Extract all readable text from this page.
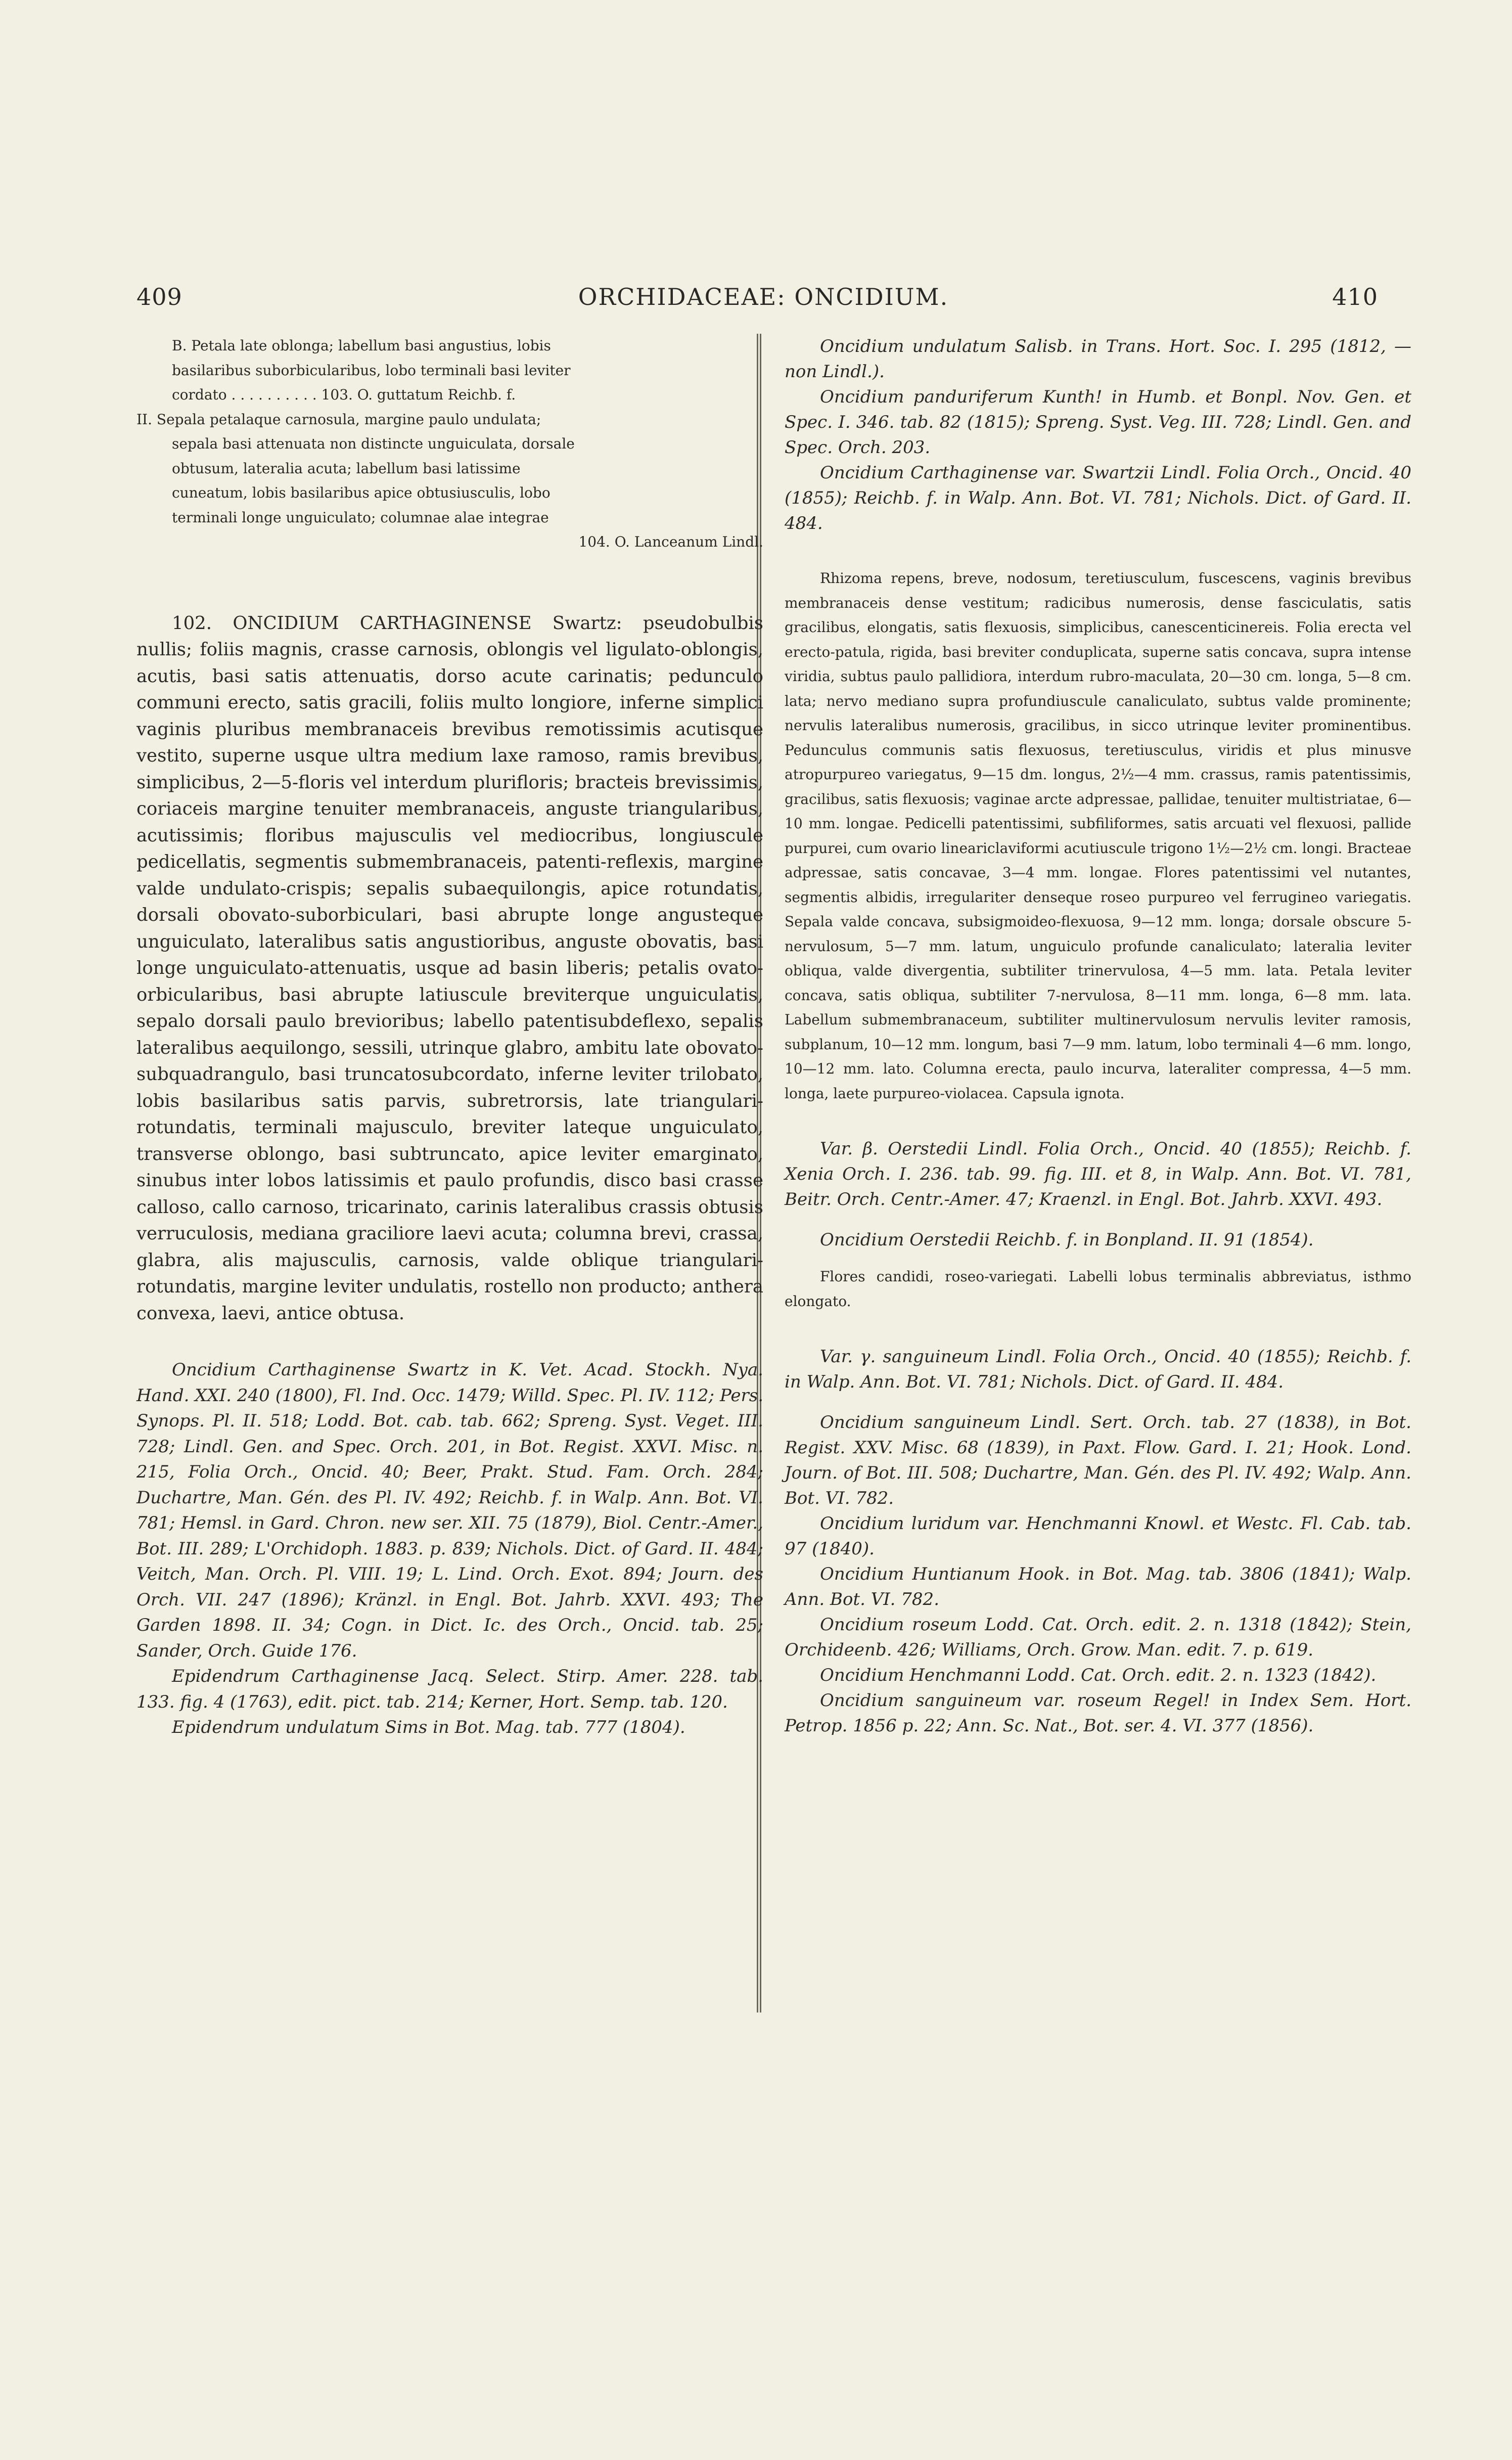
409	ORCHIDACEAE: ONCIDIUM.	410

B. Petala late oblonga; labellum basi angustius, lobis

basilaribus suborbicularibus, lobo terminali basi leviter

cordato . . . . . . . . . . 103. O. guttatum Reichb. f.

II. Sepala petalaque carnosula, margine paulo undulata;

sepala basi attenuata non distincte unguiculata, dorsale

obtusum, lateralia acuta; labellum basi latissime

cuneatum, lobis basilaribus apice obtusiusculis, lobo

terminali longe unguiculato; columnae alae integrae

104. O. Lanceanum Lindl.

102. ONCIDIUM CARTHAGINENSE Swartz: pseudobulbis nullis; foliis magnis, crasse carnosis, oblongis vel ligulato-oblongis, acutis, basi satis attenuatis, dorso acute carinatis; pedunculo communi erecto, satis gracili, foliis multo longiore, inferne simplici vaginis pluribus membranaceis brevibus remotissimis acutisque vestito, superne usque ultra medium laxe ramoso, ramis brevibus, simplicibus, 2—5-floris vel interdum plurifloris; bracteis brevissimis, coriaceis margine tenuiter membranaceis, anguste triangularibus, acutissimis; floribus majusculis vel mediocribus, longiuscule pedicellatis, segmentis submembranaceis, patenti-reflexis, margine valde undulato-crispis; sepalis subaequilongis, apice rotundatis, dorsali obovato-suborbiculari, basi abrupte longe angusteque unguiculato, lateralibus satis angustioribus, anguste obovatis, basi longe unguiculato-attenuatis, usque ad basin liberis; petalis ovato-orbicularibus, basi abrupte latiuscule breviterque unguiculatis, sepalo dorsali paulo brevioribus; labello patentisubdeflexo, sepalis lateralibus aequilongo, sessili, utrinque glabro, ambitu late obovato-subquadrangulo, basi truncatosubcordato, inferne leviter trilobato, lobis basilaribus satis parvis, subretrorsis, late triangulari-rotundatis, terminali majusculo, breviter lateque unguiculato, transverse oblongo, basi subtruncato, apice leviter emarginato, sinubus inter lobos latissimis et paulo profundis, disco basi crasse calloso, callo carnoso, tricarinato, carinis lateralibus crassis obtusis verruculosis, mediana graciliore laevi acuta; columna brevi, crassa, glabra, alis majusculis, carnosis, valde oblique triangulari-rotundatis, margine leviter undulatis, rostello non producto; anthera convexa, laevi, antice obtusa.

Oncidium Carthaginense Swartz in K. Vet. Acad. Stockh. Nya. Hand. XXI. 240 (1800), Fl. Ind. Occ. 1479; Willd. Spec. Pl. IV. 112; Pers. Synops. Pl. II. 518; Lodd. Bot. cab. tab. 662; Spreng. Syst. Veget. III. 728; Lindl. Gen. and Spec. Orch. 201, in Bot. Regist. XXVI. Misc. n. 215, Folia Orch., Oncid. 40; Beer, Prakt. Stud. Fam. Orch. 284; Duchartre, Man. Gén. des Pl. IV. 492; Reichb. f. in Walp. Ann. Bot. VI. 781; Hemsl. in Gard. Chron. new ser. XII. 75 (1879), Biol. Centr.-Amer., Bot. III. 289; L'Orchidoph. 1883. p. 839; Nichols. Dict. of Gard. II. 484; Veitch, Man. Orch. Pl. VIII. 19; L. Lind. Orch. Exot. 894; Journ. des Orch. VII. 247 (1896); Kränzl. in Engl. Bot. Jahrb. XXVI. 493; The Garden 1898. II. 34; Cogn. in Dict. Ic. des Orch., Oncid. tab. 25; Sander, Orch. Guide 176.

Epidendrum Carthaginense Jacq. Select. Stirp. Amer. 228. tab. 133. fig. 4 (1763), edit. pict. tab. 214; Kerner, Hort. Semp. tab. 120.

Epidendrum undulatum Sims in Bot. Mag. tab. 777 (1804).

Oncidium undulatum Salisb. in Trans. Hort. Soc. I. 295 (1812, — non Lindl.).

Oncidium panduriferum Kunth! in Humb. et Bonpl. Nov. Gen. et Spec. I. 346. tab. 82 (1815); Spreng. Syst. Veg. III. 728; Lindl. Gen. and Spec. Orch. 203.

Oncidium Carthaginense var. Swartzii Lindl. Folia Orch., Oncid. 40 (1855); Reichb. f. in Walp. Ann. Bot. VI. 781; Nichols. Dict. of Gard. II. 484.

Rhizoma repens, breve, nodosum, teretiusculum, fuscescens, vaginis brevibus membranaceis dense vestitum; radicibus numerosis, dense fasciculatis, satis gracilibus, elongatis, satis flexuosis, simplicibus, canescenticinereis. Folia erecta vel erecto-patula, rigida, basi breviter conduplicata, superne satis concava, supra intense viridia, subtus paulo pallidiora, interdum rubro-maculata, 20—30 cm. longa, 5—8 cm. lata; nervo mediano supra profundiuscule canaliculato, subtus valde prominente; nervulis lateralibus numerosis, gracilibus, in sicco utrinque leviter prominentibus. Pedunculus communis satis flexuosus, teretiusculus, viridis et plus minusve atropurpureo variegatus, 9—15 dm. longus, 2½—4 mm. crassus, ramis patentissimis, gracilibus, satis flexuosis; vaginae arcte adpressae, pallidae, tenuiter multistriatae, 6—10 mm. longae. Pedicelli patentissimi, subfiliformes, satis arcuati vel flexuosi, pallide purpurei, cum ovario lineariclaviformi acutiuscule trigono 1½—2½ cm. longi. Bracteae adpressae, satis concavae, 3—4 mm. longae. Flores patentissimi vel nutantes, segmentis albidis, irregulariter denseque roseo purpureo vel ferrugineo variegatis. Sepala valde concava, subsigmoideo-flexuosa, 9—12 mm. longa; dorsale obscure 5-nervulosum, 5—7 mm. latum, unguiculo profunde canaliculato; lateralia leviter obliqua, valde divergentia, subtiliter trinervulosa, 4—5 mm. lata. Petala leviter concava, satis obliqua, subtiliter 7-nervulosa, 8—11 mm. longa, 6—8 mm. lata. Labellum submembranaceum, subtiliter multinervulosum nervulis leviter ramosis, subplanum, 10—12 mm. longum, basi 7—9 mm. latum, lobo terminali 4—6 mm. longo, 10—12 mm. lato. Columna erecta, paulo incurva, lateraliter compressa, 4—5 mm. longa, laete purpureo-violacea. Capsula ignota.

Var. β. Oerstedii Lindl. Folia Orch., Oncid. 40 (1855); Reichb. f. Xenia Orch. I. 236. tab. 99. fig. III. et 8, in Walp. Ann. Bot. VI. 781, Beitr. Orch. Centr.-Amer. 47; Kraenzl. in Engl. Bot. Jahrb. XXVI. 493.

Oncidium Oerstedii Reichb. f. in Bonpland. II. 91 (1854).

Flores candidi, roseo-variegati. Labelli lobus terminalis abbreviatus, isthmo elongato.

Var. γ. sanguineum Lindl. Folia Orch., Oncid. 40 (1855); Reichb. f. in Walp. Ann. Bot. VI. 781; Nichols. Dict. of Gard. II. 484.

Oncidium sanguineum Lindl. Sert. Orch. tab. 27 (1838), in Bot. Regist. XXV. Misc. 68 (1839), in Paxt. Flow. Gard. I. 21; Hook. Lond. Journ. of Bot. III. 508; Duchartre, Man. Gén. des Pl. IV. 492; Walp. Ann. Bot. VI. 782.

Oncidium luridum var. Henchmanni Knowl. et Westc. Fl. Cab. tab. 97 (1840).

Oncidium Huntianum Hook. in Bot. Mag. tab. 3806 (1841); Walp. Ann. Bot. VI. 782.

Oncidium roseum Lodd. Cat. Orch. edit. 2. n. 1318 (1842); Stein, Orchideenb. 426; Williams, Orch. Grow. Man. edit. 7. p. 619.

Oncidium Henchmanni Lodd. Cat. Orch. edit. 2. n. 1323 (1842).

Oncidium sanguineum var. roseum Regel! in Index Sem. Hort. Petrop. 1856 p. 22; Ann. Sc. Nat., Bot. ser. 4. VI. 377 (1856).
